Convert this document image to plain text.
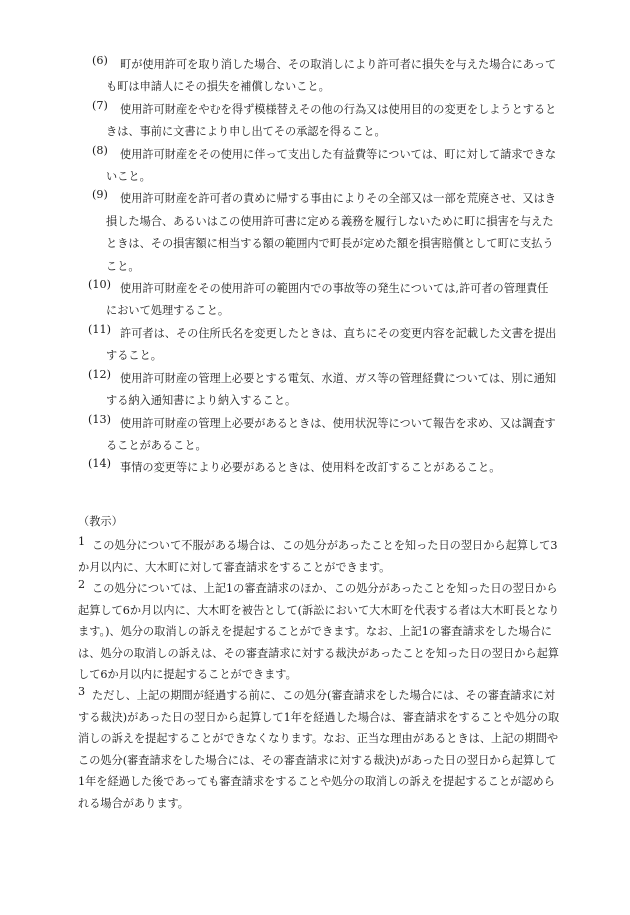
(6)	町が使用許可を取り消した場合、その取消しにより許可者に損失を与えた場合にあっても町は申請人にその損失を補償しないこと。
(7)	使用許可財産をやむを得ず模様替えその他の行為又は使用目的の変更をしようとするときは、事前に文書により申し出てその承認を得ること。
(8)	使用許可財産をその使用に伴って支出した有益費等については、町に対して請求できないこと。
(9)	使用許可財産を許可者の責めに帰する事由によりその全部又は一部を荒廃させ、又はき損した場合、あるいはこの使用許可書に定める義務を履行しないために町に損害を与えたときは、その損害額に相当する額の範囲内で町長が定めた額を損害賠償として町に支払うこと。
(10) 使用許可財産をその使用許可の範囲内での事故等の発生については,許可者の管理責任において処理すること。
(11) 許可者は、その住所氏名を変更したときは、直ちにその変更内容を記載した文書を提出すること。
(12) 使用許可財産の管理上必要とする電気、水道、ガス等の管理経費については、別に通知する納入通知書により納入すること。
(13) 使用許可財産の管理上必要があるときは、使用状況等について報告を求め、又は調査することがあること。
(14) 事情の変更等により必要があるときは、使用料を改訂することがあること。
（教示）
1 この処分について不服がある場合は、この処分があったことを知った日の翌日から起算して3か月以内に、大木町に対して審査請求をすることができます。
2 この処分については、上記1の審査請求のほか、この処分があったことを知った日の翌日から起算して6か月以内に、大木町を被告として(訴訟において大木町を代表する者は大木町長となります。)、処分の取消しの訴えを提起することができます。なお、上記1の審査請求をした場合には、処分の取消しの訴えは、その審査請求に対する裁決があったことを知った日の翌日から起算して6か月以内に提起することができます。
3 ただし、上記の期間が経過する前に、この処分(審査請求をした場合には、その審査請求に対する裁決)があった日の翌日から起算して1年を経過した場合は、審査請求をすることや処分の取消しの訴えを提起することができなくなります。なお、正当な理由があるときは、上記の期間やこの処分(審査請求をした場合には、その審査請求に対する裁決)があった日の翌日から起算して1年を経過した後であっても審査請求をすることや処分の取消しの訴えを提起することが認められる場合があります。
